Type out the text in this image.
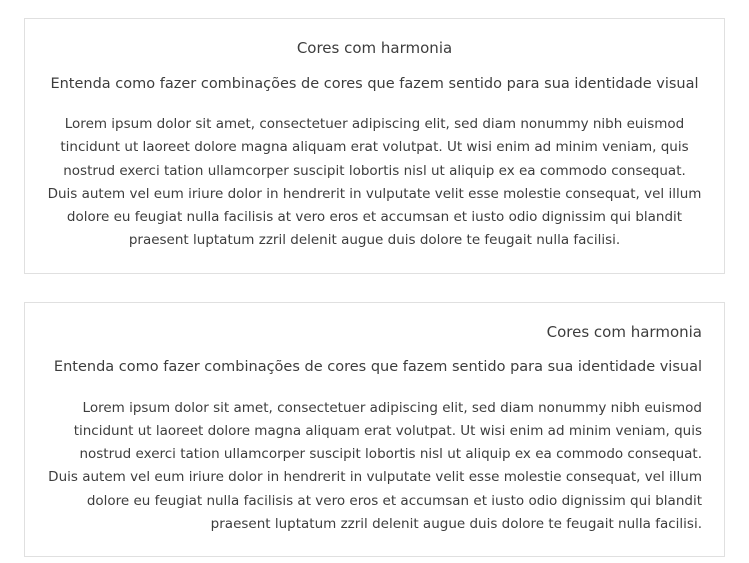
Cores com harmonia

Entenda como fazer combinações de cores que fazem sentido para sua identidade visual

Lorem ipsum dolor sit amet, consectetuer adipiscing elit, sed diam nonummy nibh euismod tincidunt ut laoreet dolore magna aliquam erat volutpat. Ut wisi enim ad minim veniam, quis nostrud exerci tation ullamcorper suscipit lobortis nisl ut aliquip ex ea commodo consequat. Duis autem vel eum iriure dolor in hendrerit in vulputate velit esse molestie consequat, vel illum dolore eu feugiat nulla facilisis at vero eros et accumsan et iusto odio dignissim qui blandit praesent luptatum zzril delenit augue duis dolore te feugait nulla facilisi.

Cores com harmonia

Entenda como fazer combinações de cores que fazem sentido para sua identidade visual

Lorem ipsum dolor sit amet, consectetuer adipiscing elit, sed diam nonummy nibh euismod tincidunt ut laoreet dolore magna aliquam erat volutpat. Ut wisi enim ad minim veniam, quis nostrud exerci tation ullamcorper suscipit lobortis nisl ut aliquip ex ea commodo consequat. Duis autem vel eum iriure dolor in hendrerit in vulputate velit esse molestie consequat, vel illum dolore eu feugiat nulla facilisis at vero eros et accumsan et iusto odio dignissim qui blandit praesent luptatum zzril delenit augue duis dolore te feugait nulla facilisi.
